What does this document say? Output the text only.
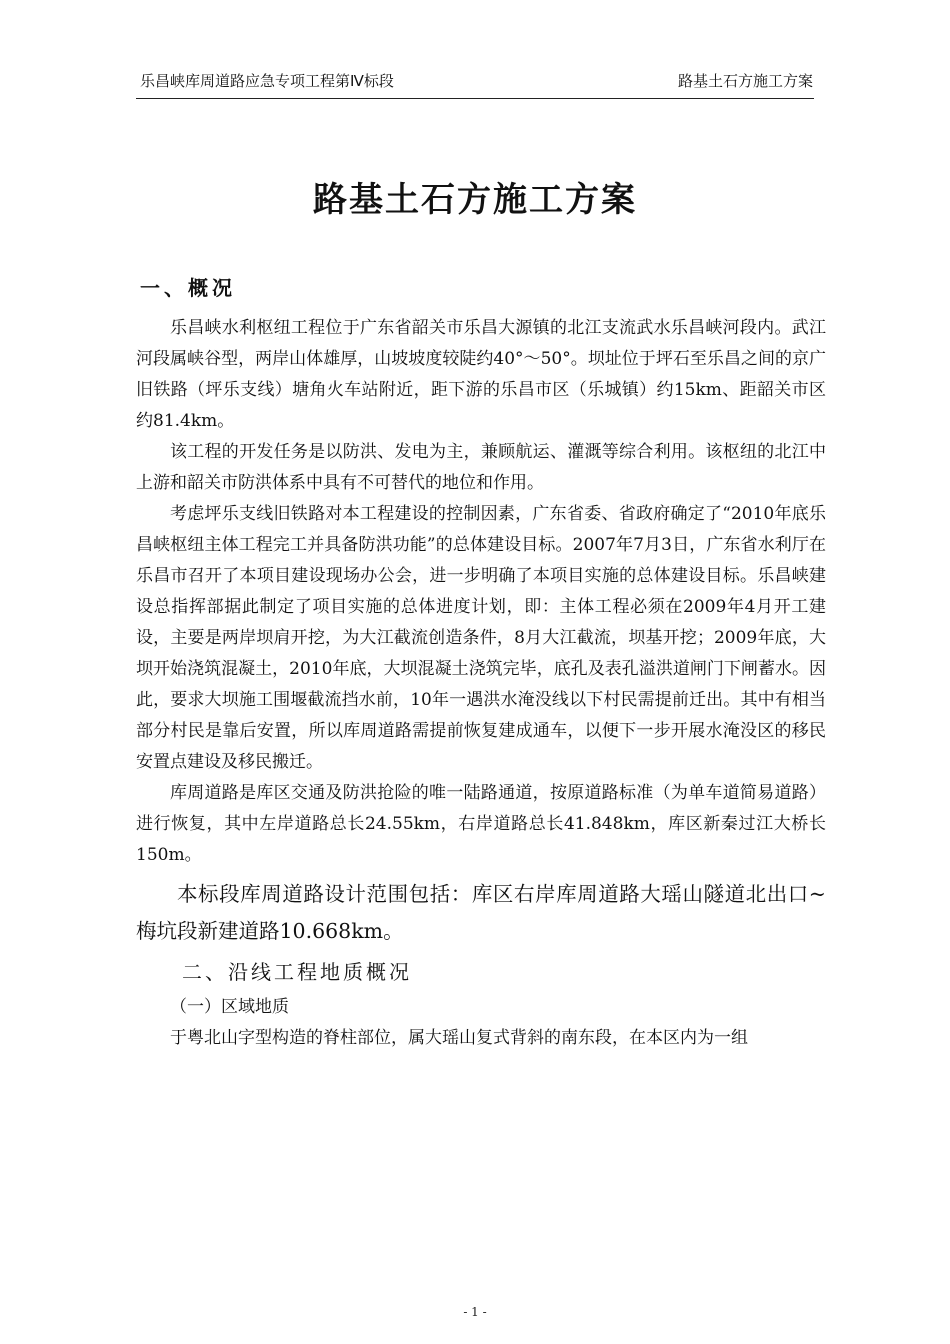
乐昌峡库周道路应急专项工程第Ⅳ标段	路基土石方施工方案
路基土石方施工方案
一、概况

乐昌峡水利枢纽工程位于广东省韶关市乐昌大源镇的北江支流武水乐昌峡河段内。武江河段属峡谷型，两岸山体雄厚，山坡坡度较陡约40°～50°。坝址位于坪石至乐昌之间的京广旧铁路（坪乐支线）塘角火车站附近，距下游的乐昌市区（乐城镇）约15km、距韶关市区约81.4km。

该工程的开发任务是以防洪、发电为主，兼顾航运、灌溉等综合利用。该枢纽的北江中上游和韶关市防洪体系中具有不可替代的地位和作用。

考虑坪乐支线旧铁路对本工程建设的控制因素，广东省委、省政府确定了“2010年底乐昌峡枢纽主体工程完工并具备防洪功能”的总体建设目标。2007年7月3日，广东省水利厅在乐昌市召开了本项目建设现场办公会，进一步明确了本项目实施的总体建设目标。乐昌峡建设总指挥部据此制定了项目实施的总体进度计划，即：主体工程必须在2009年4月开工建设，主要是两岸坝肩开挖，为大江截流创造条件，8月大江截流，坝基开挖；2009年底，大坝开始浇筑混凝土，2010年底，大坝混凝土浇筑完毕，底孔及表孔溢洪道闸门下闸蓄水。因此，要求大坝施工围堰截流挡水前，10年一遇洪水淹没线以下村民需提前迁出。其中有相当部分村民是靠后安置，所以库周道路需提前恢复建成通车，以便下一步开展水淹没区的移民安置点建设及移民搬迁。

库周道路是库区交通及防洪抢险的唯一陆路通道，按原道路标准（为单车道简易道路）进行恢复，其中左岸道路总长24.55km，右岸道路总长41.848km，库区新秦过江大桥长150m。

本标段库周道路设计范围包括：库区右岸库周道路大瑶山隧道北出口~梅坑段新建道路10.668km。

二、沿线工程地质概况

（一）区域地质

于粤北山字型构造的脊柱部位，属大瑶山复式背斜的南东段，在本区内为一组

- 1 -
